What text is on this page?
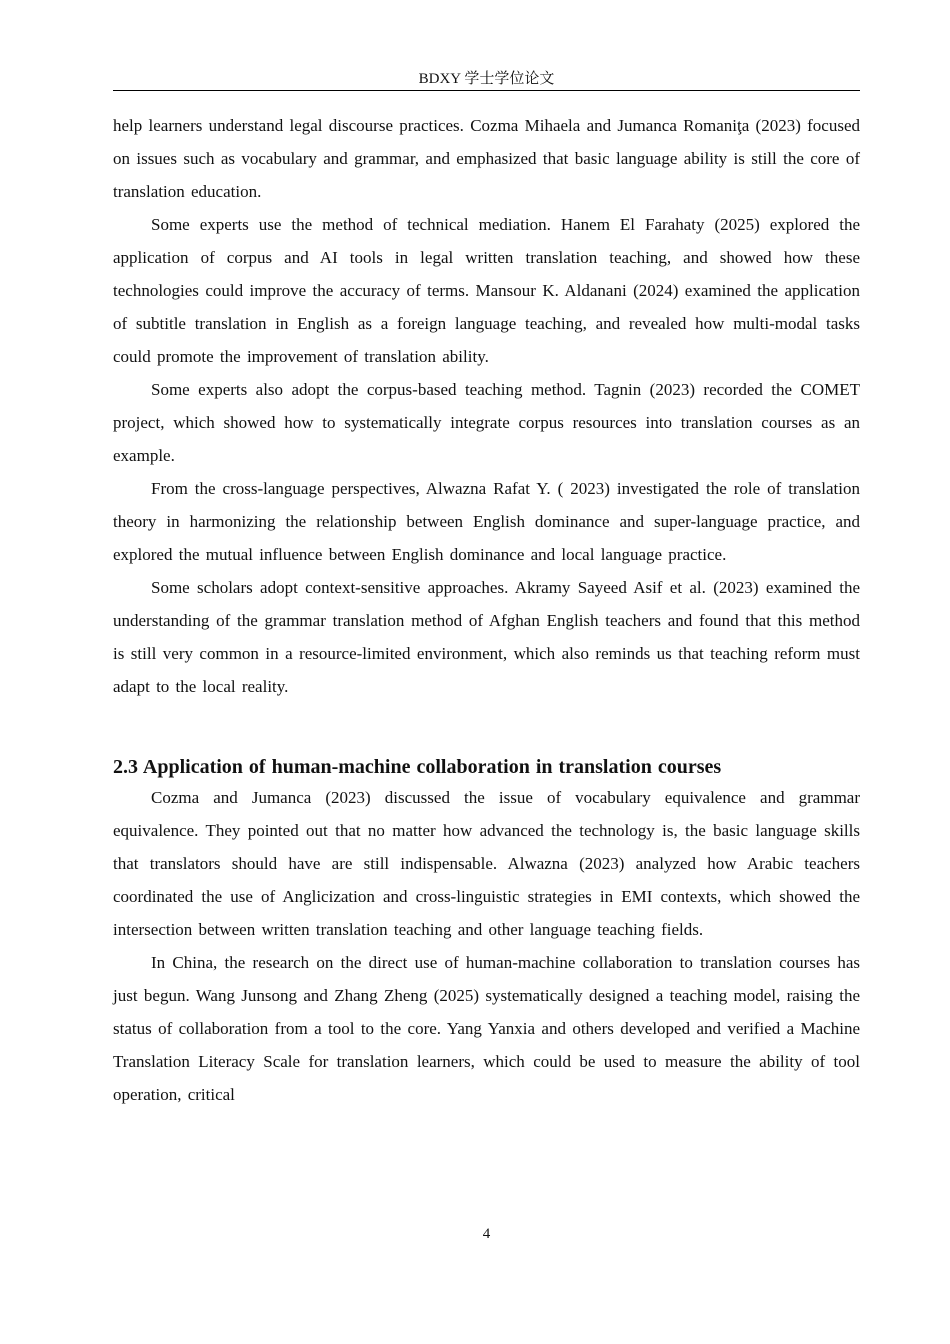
BDXY 学士学位论文

help learners understand legal discourse practices. Cozma Mihaela and Jumanca Romaniţa (2023) focused on issues such as vocabulary and grammar, and emphasized that basic language ability is still the core of translation education.

Some experts use the method of technical mediation. Hanem El Farahaty (2025) explored the application of corpus and AI tools in legal written translation teaching, and showed how these technologies could improve the accuracy of terms. Mansour K. Aldanani (2024) examined the application of subtitle translation in English as a foreign language teaching, and revealed how multi-modal tasks could promote the improvement of translation ability.

Some experts also adopt the corpus-based teaching method. Tagnin (2023) recorded the COMET project, which showed how to systematically integrate corpus resources into translation courses as an example.

From the cross-language perspectives, Alwazna Rafat Y. ( 2023) investigated the role of translation theory in harmonizing the relationship between English dominance and super-language practice, and explored the mutual influence between English dominance and local language practice.

Some scholars adopt context-sensitive approaches. Akramy Sayeed Asif et al. (2023) examined the understanding of the grammar translation method of Afghan English teachers and found that this method is still very common in a resource-limited environment, which also reminds us that teaching reform must adapt to the local reality.

2.3 Application of human-machine collaboration in translation courses

Cozma and Jumanca (2023) discussed the issue of vocabulary equivalence and grammar equivalence. They pointed out that no matter how advanced the technology is, the basic language skills that translators should have are still indispensable. Alwazna (2023) analyzed how Arabic teachers coordinated the use of Anglicization and cross-linguistic strategies in EMI contexts, which showed the intersection between written translation teaching and other language teaching fields.

In China, the research on the direct use of human-machine collaboration to translation courses has just begun. Wang Junsong and Zhang Zheng (2025) systematically designed a teaching model, raising the status of collaboration from a tool to the core. Yang Yanxia and others developed and verified a Machine Translation Literacy Scale for translation learners, which could be used to measure the ability of tool operation, critical

4
